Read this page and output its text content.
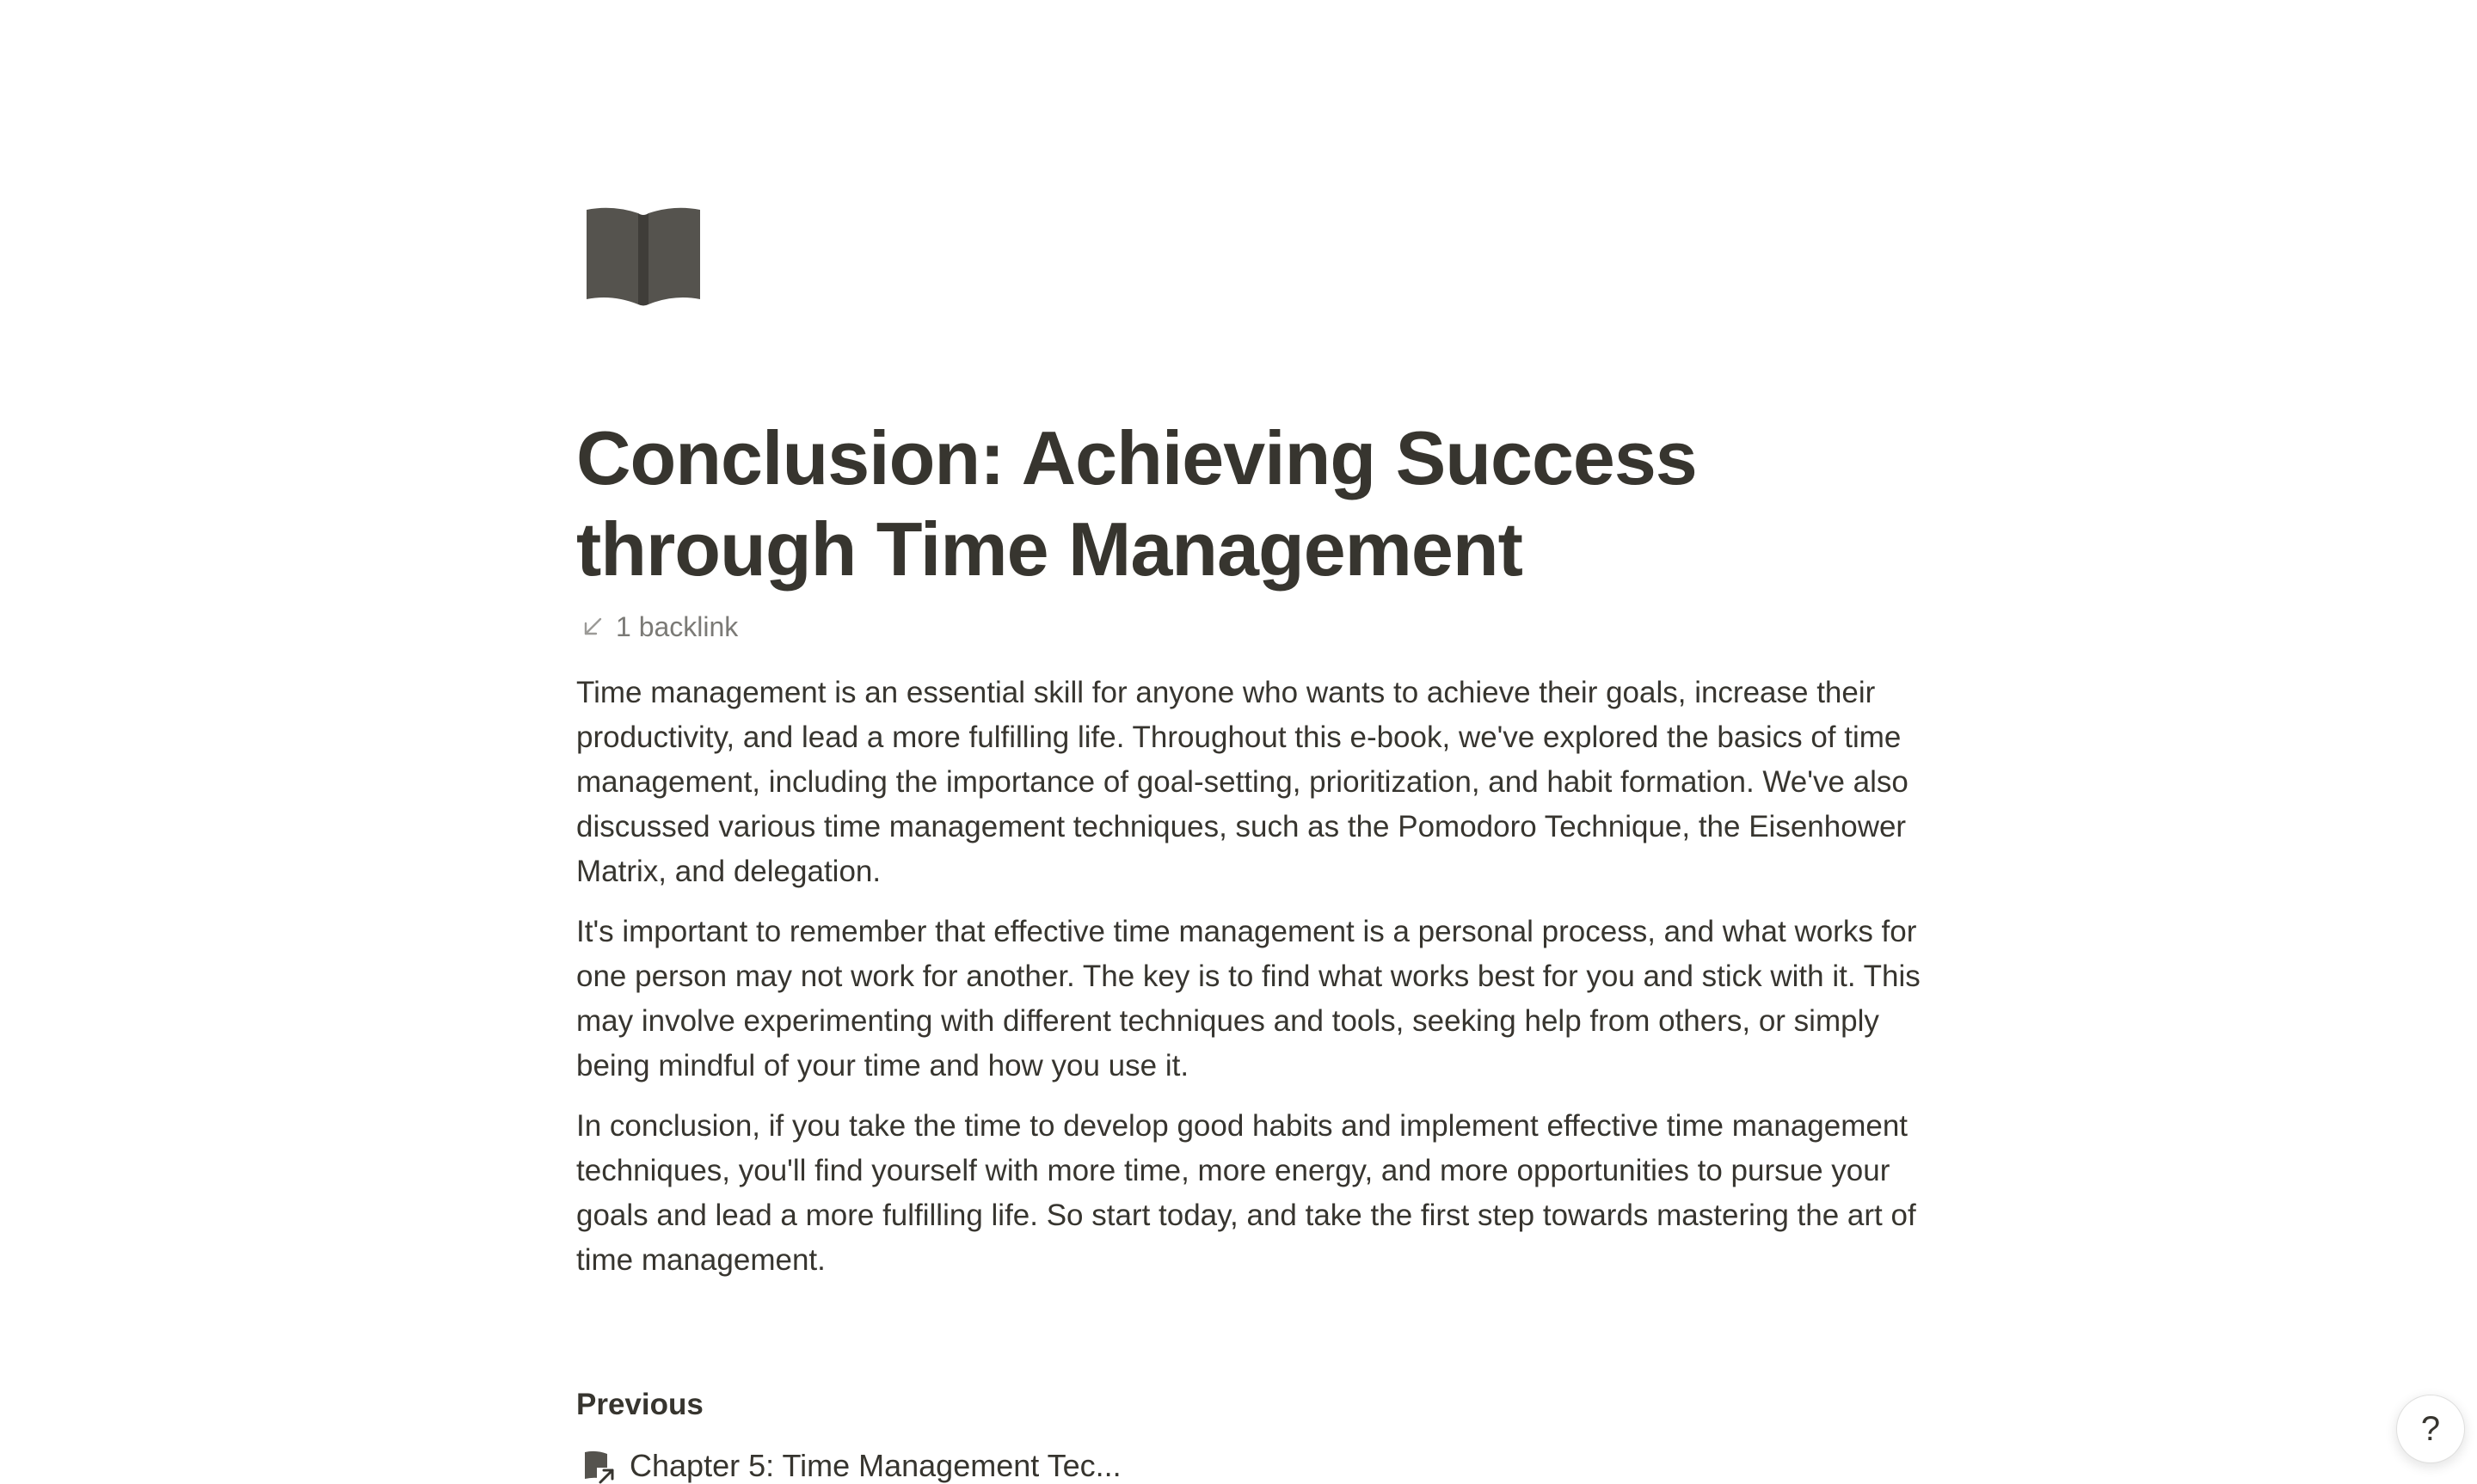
Conclusion: Achieving Success through Time Management
1 backlink

Time management is an essential skill for anyone who wants to achieve their goals, increase their productivity, and lead a more fulfilling life. Throughout this e-book, we've explored the basics of time management, including the importance of goal-setting, prioritization, and habit formation. We've also discussed various time management techniques, such as the Pomodoro Technique, the Eisenhower Matrix, and delegation.

It's important to remember that effective time management is a personal process, and what works for one person may not work for another. The key is to find what works best for you and stick with it. This may involve experimenting with different techniques and tools, seeking help from others, or simply being mindful of your time and how you use it.

In conclusion, if you take the time to develop good habits and implement effective time management techniques, you'll find yourself with more time, more energy, and more opportunities to pursue your goals and lead a more fulfilling life. So start today, and take the first step towards mastering the art of time management.

Previous
Chapter 5: Time Management Tec...
?
